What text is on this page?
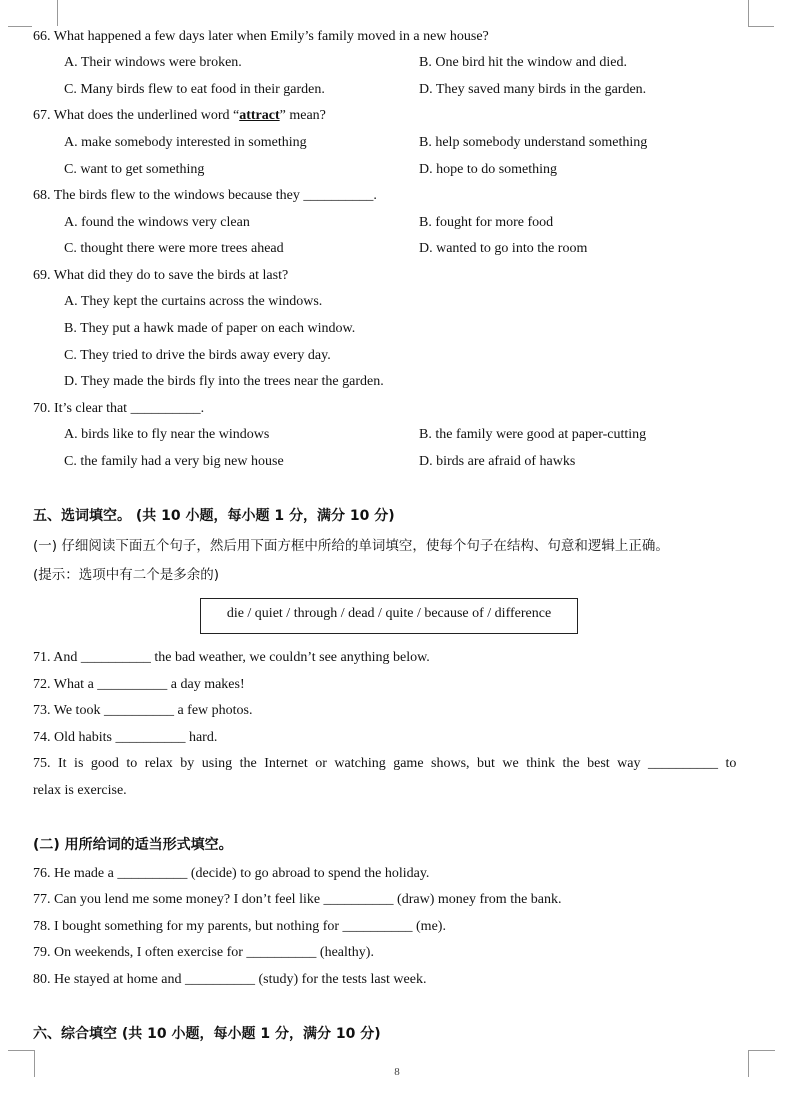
66. What happened a few days later when Emily’s family moved in a new house?
A. Their windows were broken.	B. One bird hit the window and died.
C. Many birds flew to eat food in their garden.	D. They saved many birds in the garden.
67. What does the underlined word “attract” mean?
A. make somebody interested in something	B. help somebody understand something
C. want to get something	D. hope to do something
68. The birds flew to the windows because they __________.
A. found the windows very clean	B. fought for more food
C. thought there were more trees ahead	D. wanted to go into the room
69. What did they do to save the birds at last?
A. They kept the curtains across the windows.
B. They put a hawk made of paper on each window.
C. They tried to drive the birds away every day.
D. They made the birds fly into the trees near the garden.
70. It’s clear that __________.
A. birds like to fly near the windows	B. the family were good at paper-cutting
C. the family had a very big new house	D. birds are afraid of hawks
五、选词填空。 (共 10 小题，每小题 1 分，满分 10 分)
(一) 仔细阅读下面五个句子，然后用下面方框中所给的单词填空，使每个句子在结构、句意和逻辑上正确。
(提示：选项中有二个是多余的)
die / quiet / through / dead / quite / because of / difference
71. And __________ the bad weather, we couldn’t see anything below.
72. What a __________ a day makes!
73. We took __________ a few photos.
74. Old habits __________ hard.
75. It is good to relax by using the Internet or watching game shows, but we think the best way __________ to
relax is exercise.
(二) 用所给词的适当形式填空。
76. He made a __________ (decide) to go abroad to spend the holiday.
77. Can you lend me some money? I don’t feel like __________ (draw) money from the bank.
78. I bought something for my parents, but nothing for __________ (me).
79. On weekends, I often exercise for __________ (healthy).
80. He stayed at home and __________ (study) for the tests last week.
六、综合填空 (共 10 小题，每小题 1 分，满分 10 分)
8
